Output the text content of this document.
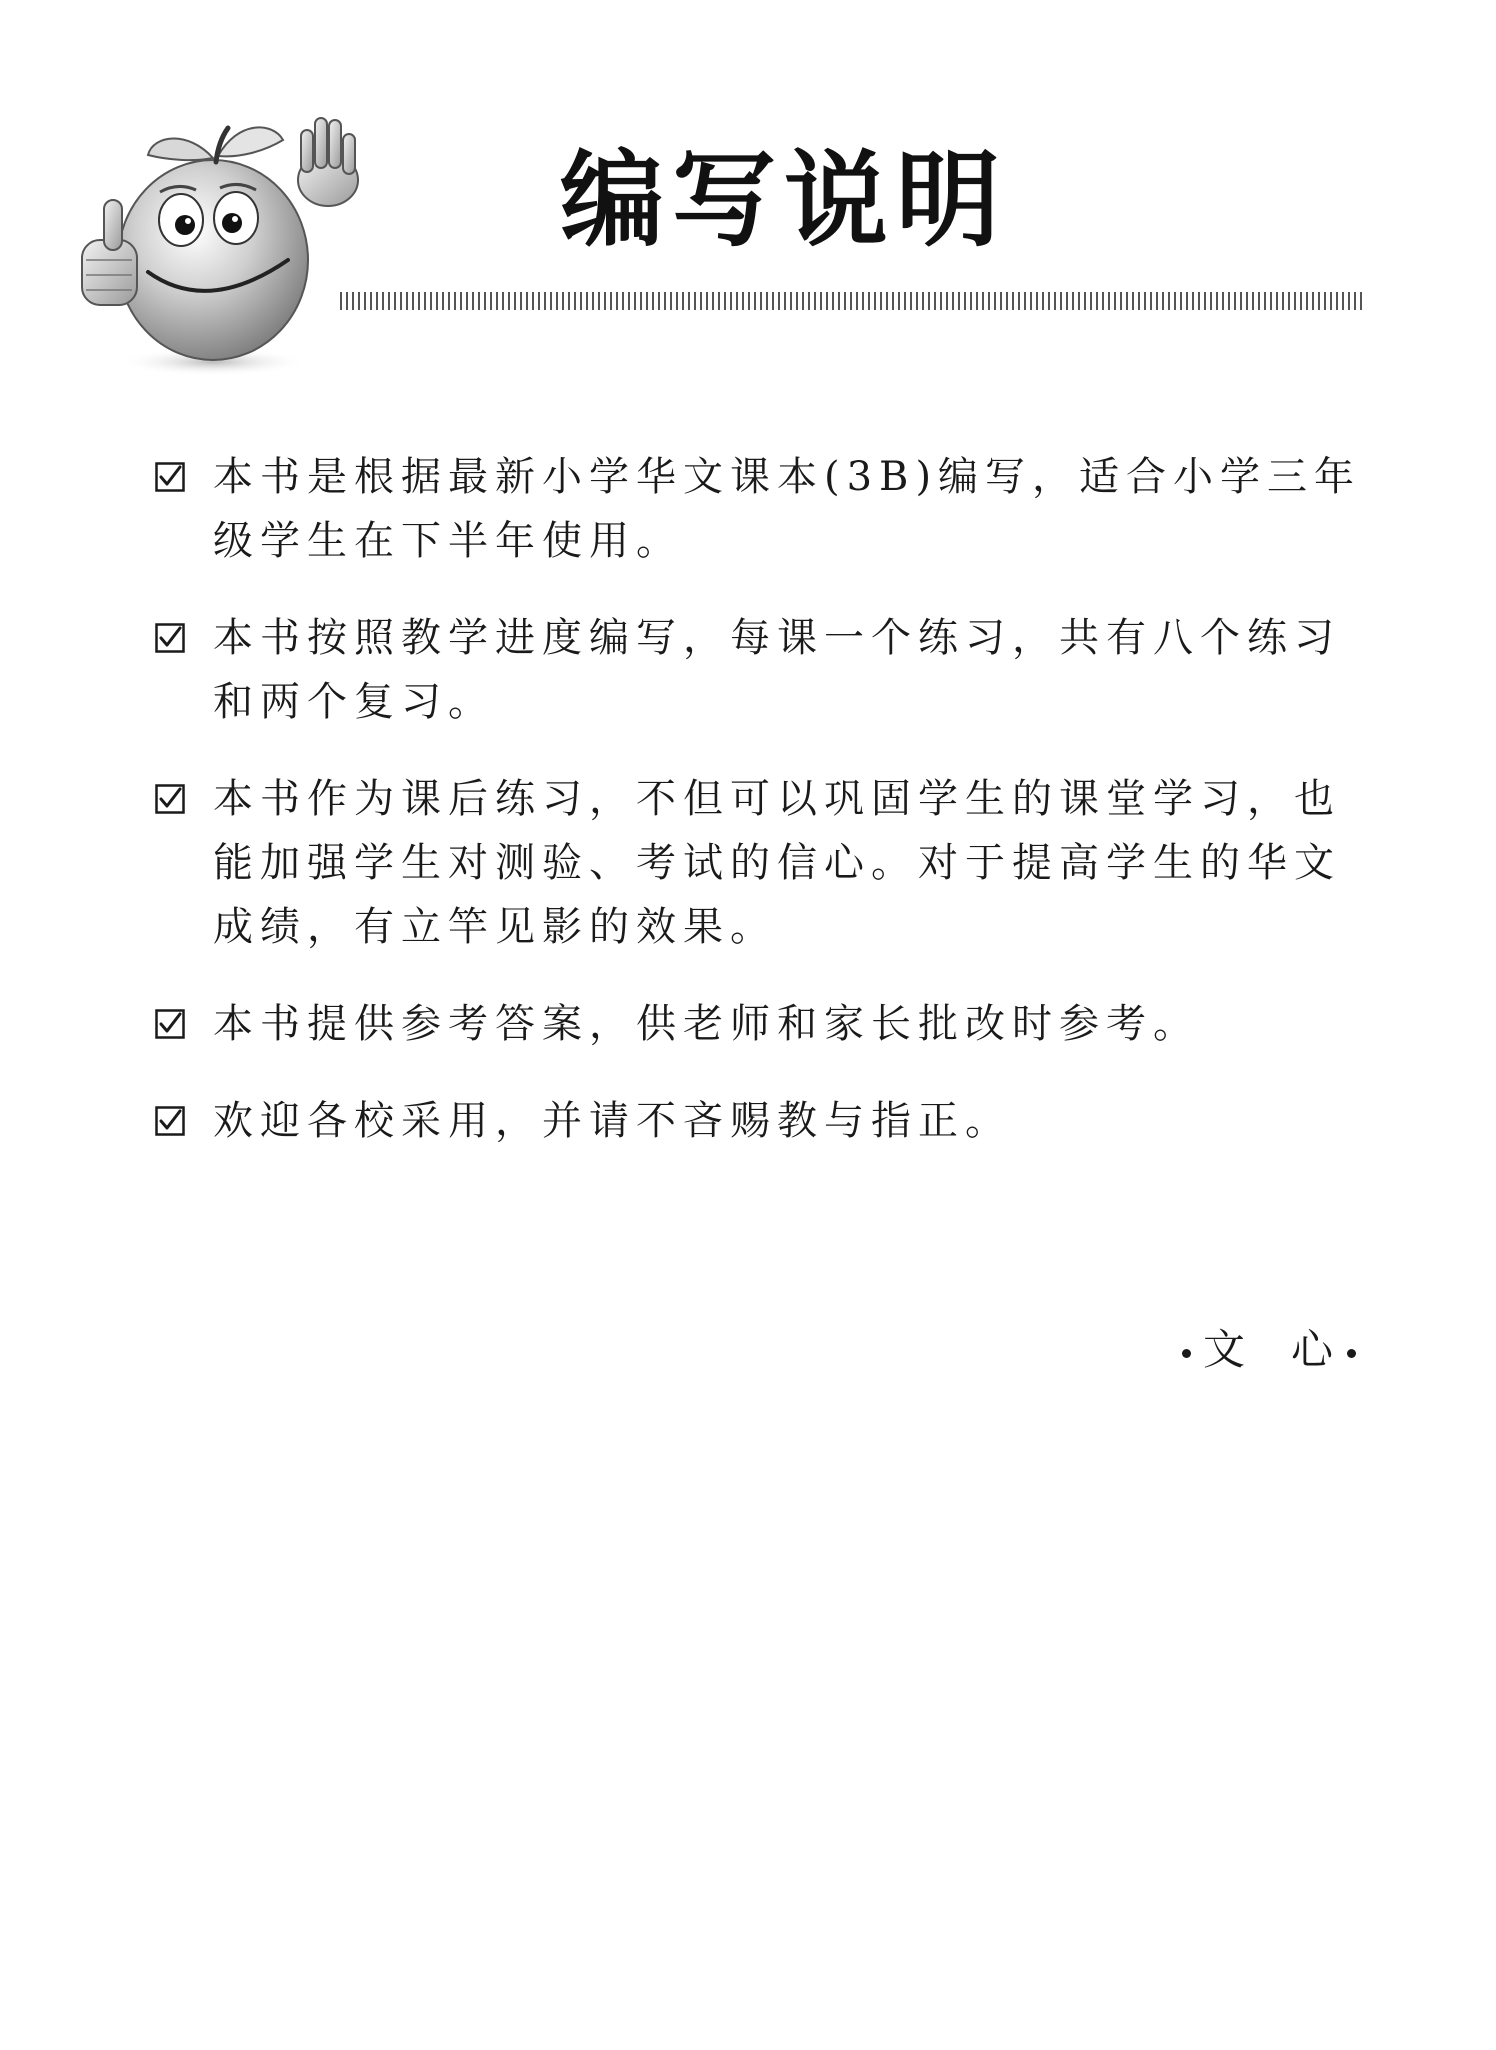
编写说明
本书是根据最新小学华文课本(3B)编写，适合小学三年级学生在下半年使用。
本书按照教学进度编写，每课一个练习，共有八个练习和两个复习。
本书作为课后练习，不但可以巩固学生的课堂学习，也能加强学生对测验、考试的信心。对于提高学生的华文成绩，有立竿见影的效果。
本书提供参考答案，供老师和家长批改时参考。
欢迎各校采用，并请不吝赐教与指正。
文　心
